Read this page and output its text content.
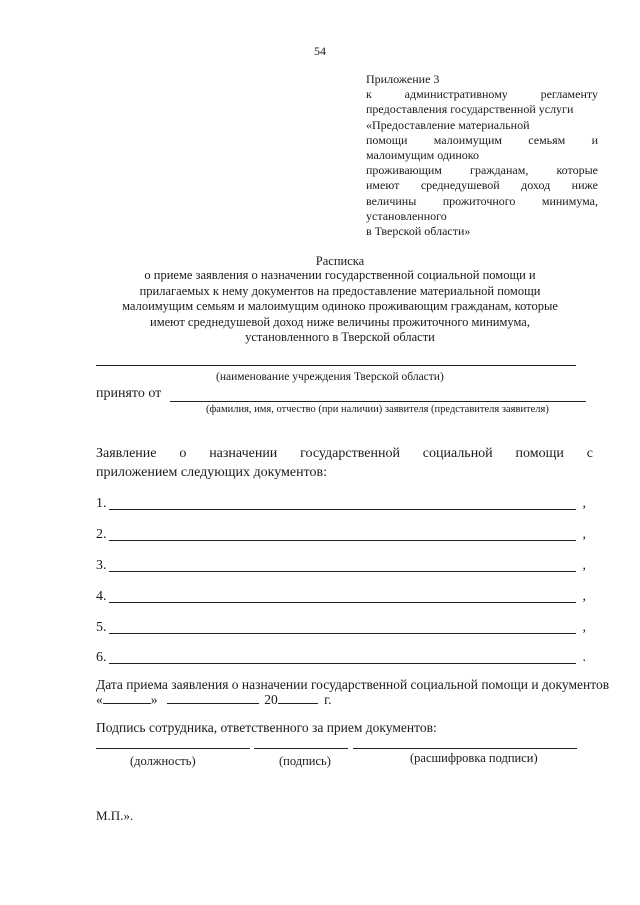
54
Приложение 3
к	административному	регламенту
предоставления государственной услуги
«Предоставление материальной
помощи малоимущим семьям и
малоимущим одиноко
проживающим гражданам, которые
имеют среднедушевой доход ниже
величины прожиточного минимума,
установленного
в Тверской области»
Расписка
о приеме заявления о назначении государственной социальной помощи и
прилагаемых к нему документов на предоставление материальной помощи
малоимущим семьям и малоимущим одиноко проживающим гражданам, которые
имеют среднедушевой доход ниже величины прожиточного минимума,
установленного в Тверской области
(наименование учреждения Тверской области)
принято от
(фамилия, имя, отчество (при наличии) заявителя (представителя заявителя)
Заявление о назначении государственной социальной помощи с
приложением следующих документов:
1.	,
2.	,
3.	,
4.	,
5.	,
6.	.
Дата приема заявления о назначении государственной социальной помощи и документов
«	»	20	г.
Подпись сотрудника, ответственного за прием документов:
(должность)	(подпись)	(расшифровка подписи)
М.П.».
